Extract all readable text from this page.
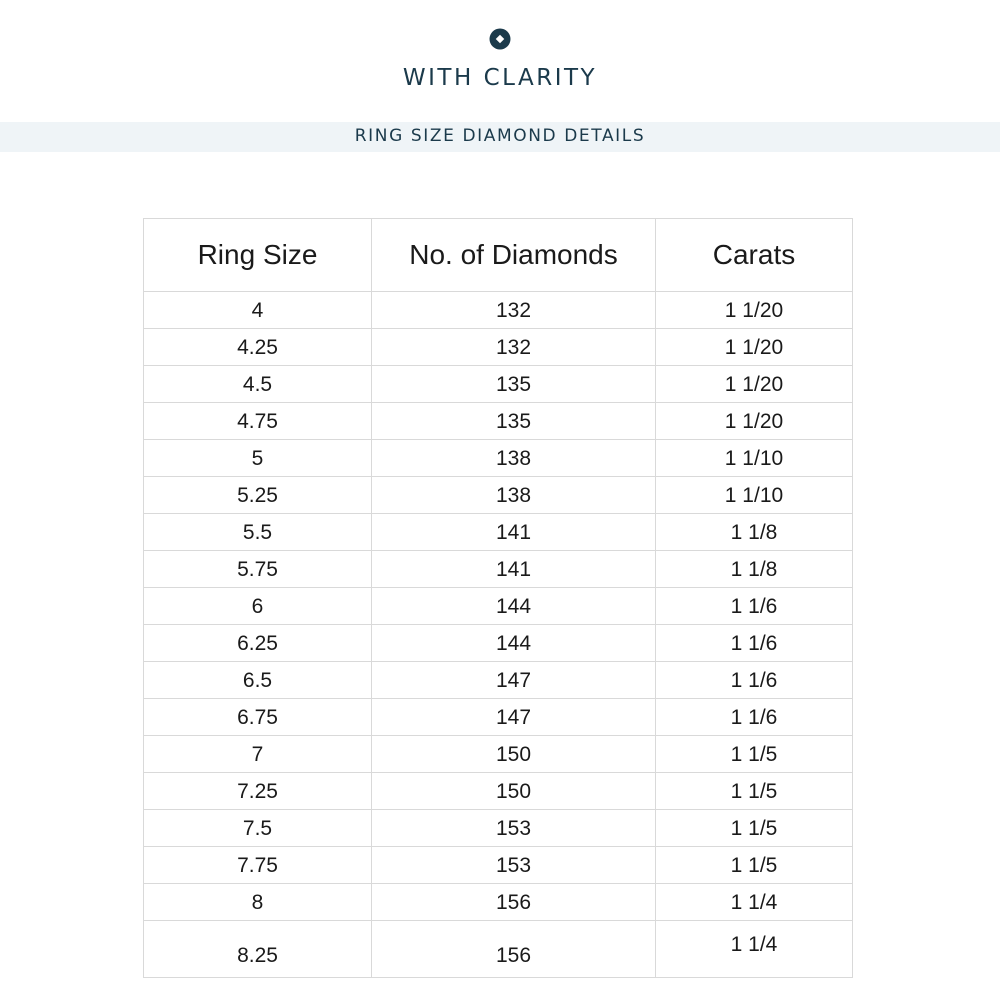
WITH CLARITY
RING SIZE DIAMOND DETAILS
Ring Size	No. of Diamonds	Carats
4	132	1 1/20
4.25	132	1 1/20
4.5	135	1 1/20
4.75	135	1 1/20
5	138	1 1/10
5.25	138	1 1/10
5.5	141	1 1/8
5.75	141	1 1/8
6	144	1 1/6
6.25	144	1 1/6
6.5	147	1 1/6
6.75	147	1 1/6
7	150	1 1/5
7.25	150	1 1/5
7.5	153	1 1/5
7.75	153	1 1/5
8	156	1 1/4
8.25	156	1 1/4
